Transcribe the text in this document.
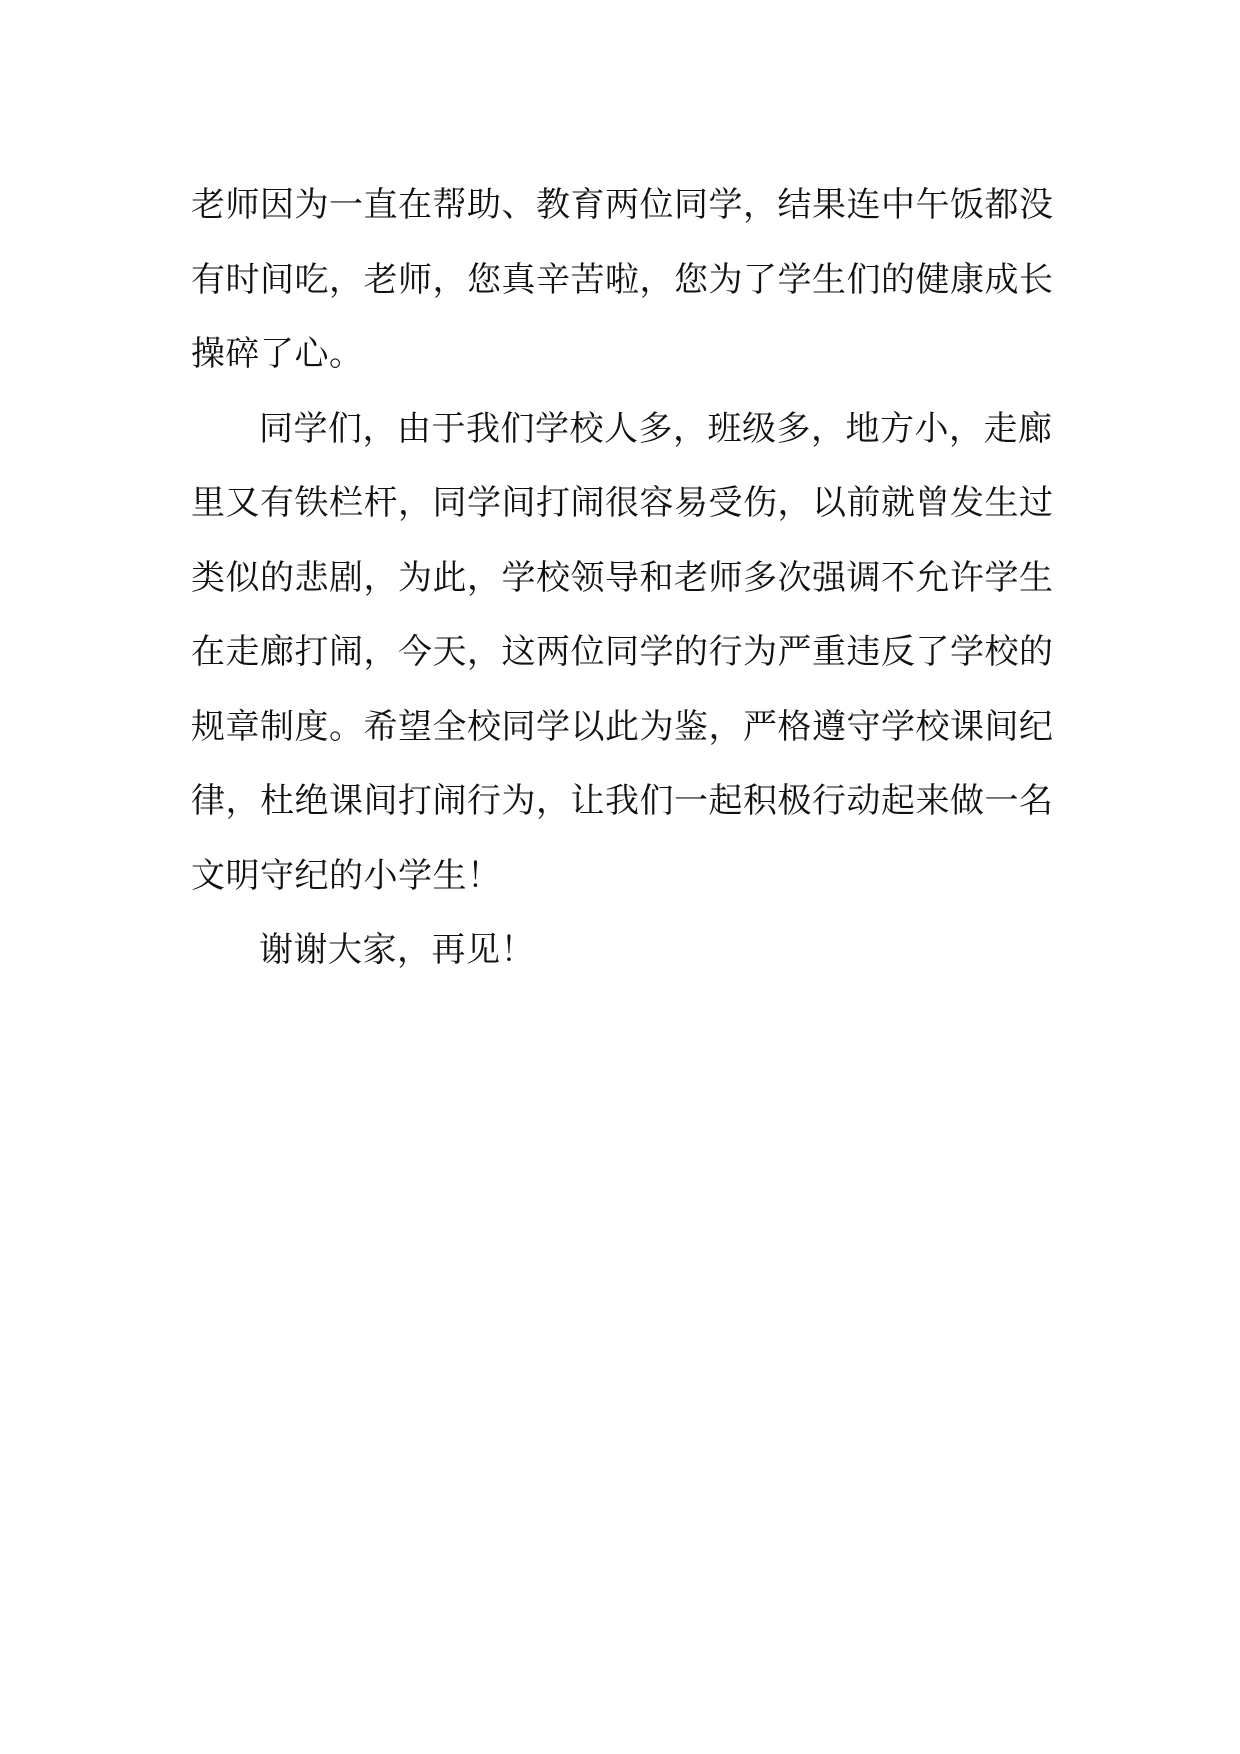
老师因为一直在帮助、教育两位同学，结果连中午饭都没
有时间吃，老师，您真辛苦啦，您为了学生们的健康成长
操碎了心。
同学们，由于我们学校人多，班级多，地方小，走廊
里又有铁栏杆，同学间打闹很容易受伤，以前就曾发生过
类似的悲剧，为此，学校领导和老师多次强调不允许学生
在走廊打闹，今天，这两位同学的行为严重违反了学校的
规章制度。希望全校同学以此为鉴，严格遵守学校课间纪
律，杜绝课间打闹行为，让我们一起积极行动起来做一名
文明守纪的小学生！
谢谢大家，再见！
